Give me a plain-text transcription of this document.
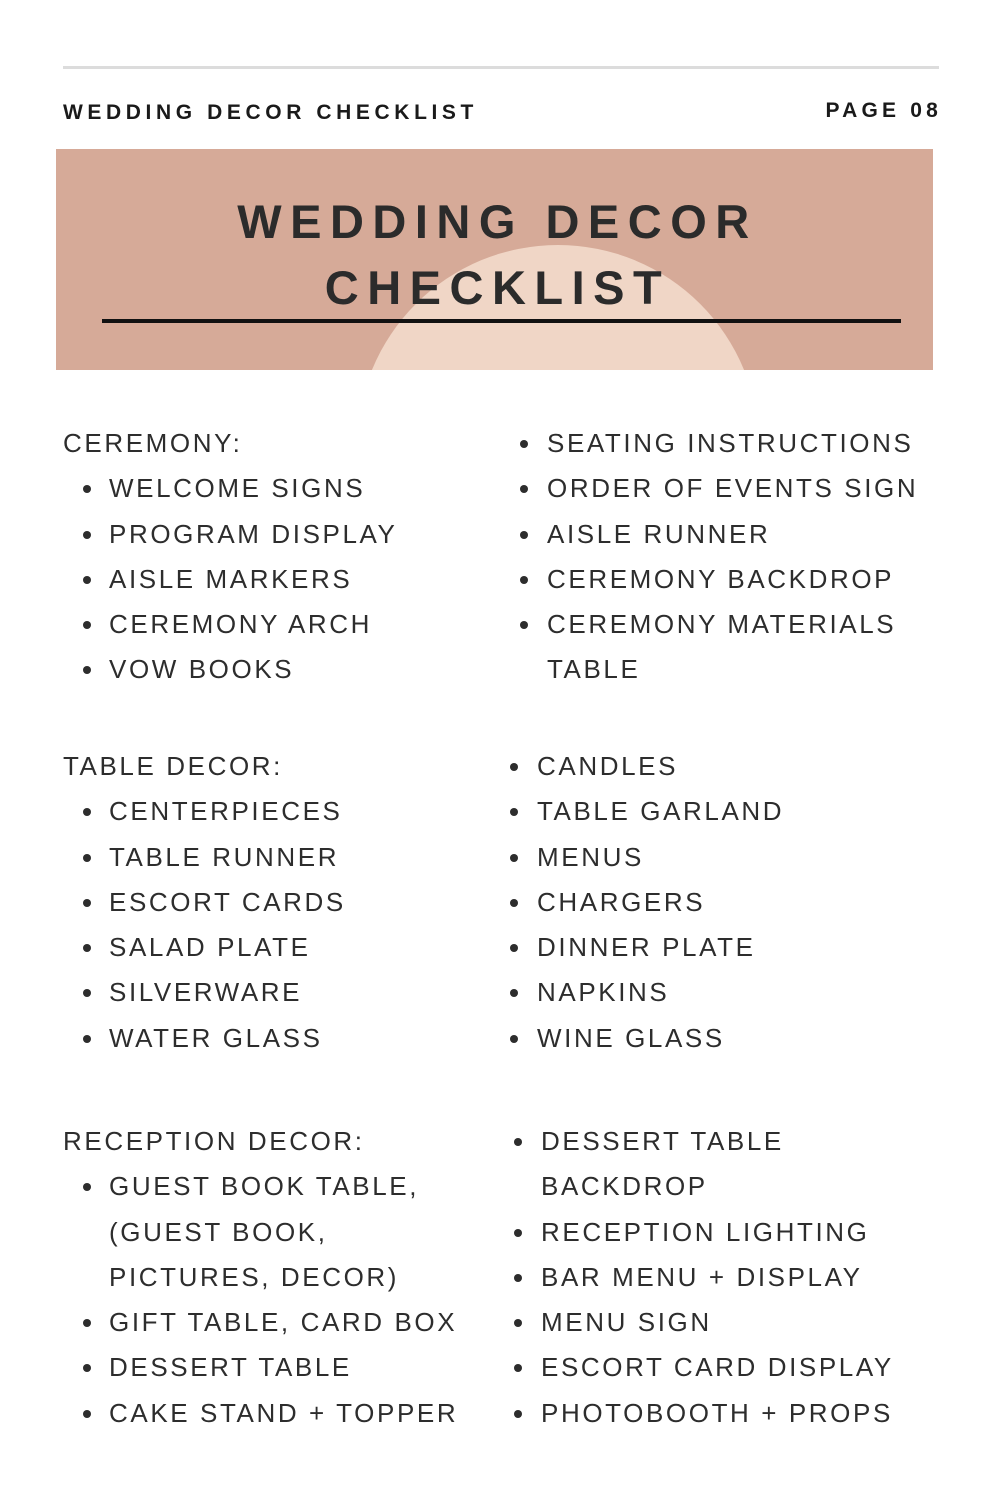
WEDDING DECOR CHECKLIST	PAGE 08
WEDDING DECOR
CHECKLIST
CEREMONY:
WELCOME SIGNS
PROGRAM DISPLAY
AISLE MARKERS
CEREMONY ARCH
VOW BOOKS
SEATING INSTRUCTIONS
ORDER OF EVENTS SIGN
AISLE RUNNER
CEREMONY BACKDROP
CEREMONY MATERIALS
TABLE
TABLE DECOR:
CENTERPIECES
TABLE RUNNER
ESCORT CARDS
SALAD PLATE
SILVERWARE
WATER GLASS
CANDLES
TABLE GARLAND
MENUS
CHARGERS
DINNER PLATE
NAPKINS
WINE GLASS
RECEPTION DECOR:
GUEST BOOK TABLE, (GUEST BOOK, PICTURES, DECOR)
GIFT TABLE, CARD BOX
DESSERT TABLE
CAKE STAND + TOPPER
DESSERT TABLE BACKDROP
RECEPTION LIGHTING
BAR MENU + DISPLAY
MENU SIGN
ESCORT CARD DISPLAY
PHOTOBOOTH + PROPS
